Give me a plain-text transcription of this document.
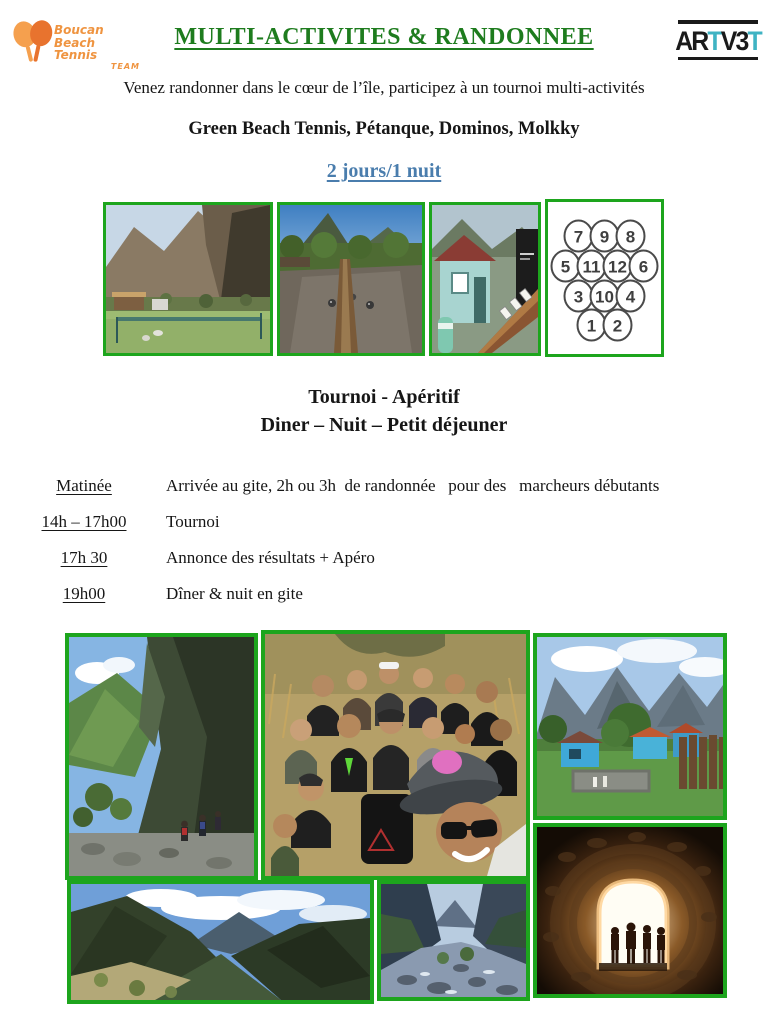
Boucan
Beach Tennis
TEAM
MULTI-ACTIVITES & RANDONNEE	AR T V 3 T
Venez randonner dans le cœur de l’île, participez à un tournoi multi-activités
Green Beach Tennis, Pétanque, Dominos, Molkky
2 jours/1 nuit
7 9 8
5 11 12 6
3 10 4
1 2
Tournoi - Apéritif
Diner – Nuit – Petit déjeuner
Matinée	Arrivée au gite, 2h ou 3h  de randonnée   pour des   marcheurs débutants
14h – 17h00	Tournoi
17h 30	Annonce des résultats + Apéro
19h00	Dîner & nuit en gite
